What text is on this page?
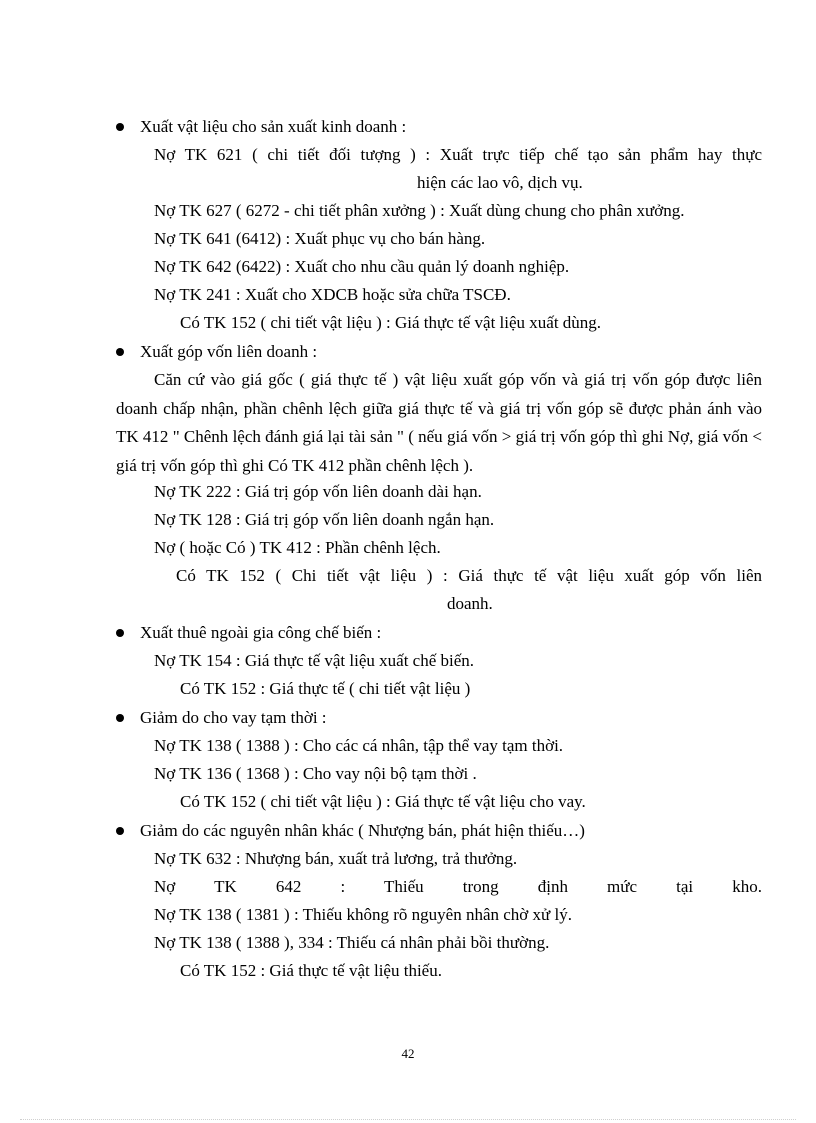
Xuất vật liệu cho sản xuất kinh doanh :
Nợ TK 621 ( chi tiết đối tượng ) : Xuất trực tiếp chế tạo sản phẩm hay thực
hiện các lao vô, dịch vụ.
Nợ TK 627 ( 6272 - chi tiết phân xưởng ) : Xuất dùng chung cho phân xưởng.
Nợ TK 641 (6412) : Xuất phục vụ cho bán hàng.
Nợ TK 642 (6422) : Xuất cho nhu cầu quản lý doanh nghiệp.
Nợ TK 241 : Xuất cho XDCB hoặc sửa chữa TSCĐ.
Có TK 152 ( chi tiết vật liệu ) : Giá thực tế vật liệu xuất dùng.
Xuất góp vốn liên doanh :
Căn cứ vào giá gốc ( giá thực tế ) vật liệu xuất góp vốn và giá trị vốn góp được liên doanh chấp nhận, phần chênh lệch giữa giá thực tế và giá trị vốn góp sẽ được phản ánh vào TK 412 " Chênh lệch đánh giá lại tài sản " ( nếu giá vốn > giá trị vốn góp thì ghi Nợ, giá vốn < giá trị vốn góp thì ghi Có TK 412 phần chênh lệch ).
Nợ TK 222 : Giá trị góp vốn liên doanh dài hạn.
Nợ TK 128 : Giá trị góp vốn liên doanh ngắn hạn.
Nợ ( hoặc Có ) TK 412 : Phần chênh lệch.
Có TK 152 ( Chi tiết vật liệu ) : Giá thực tế vật liệu xuất góp vốn liên
doanh.
Xuất thuê ngoài gia công chế biến :
Nợ TK 154 : Giá thực tế vật liệu xuất chế biến.
Có TK 152 : Giá thực tế ( chi tiết vật liệu )
Giảm do cho vay tạm thời :
Nợ TK 138 ( 1388 ) : Cho các cá nhân, tập thể vay tạm thời.
Nợ TK 136 ( 1368 ) : Cho vay nội bộ tạm thời .
Có TK 152 ( chi tiết vật liệu ) : Giá thực tế vật liệu cho vay.
Giảm do các nguyên nhân khác ( Nhượng bán, phát hiện thiếu…)
Nợ TK 632 : Nhượng bán, xuất trả lương, trả thưởng.
Nợ TK 642 : Thiếu trong định mức tại kho.
Nợ TK 138 ( 1381 ) : Thiếu không rõ nguyên nhân chờ xử lý.
Nợ TK 138 ( 1388 ), 334 : Thiếu cá nhân phải bồi thường.
Có TK 152 : Giá thực tế vật liệu thiếu.
42
